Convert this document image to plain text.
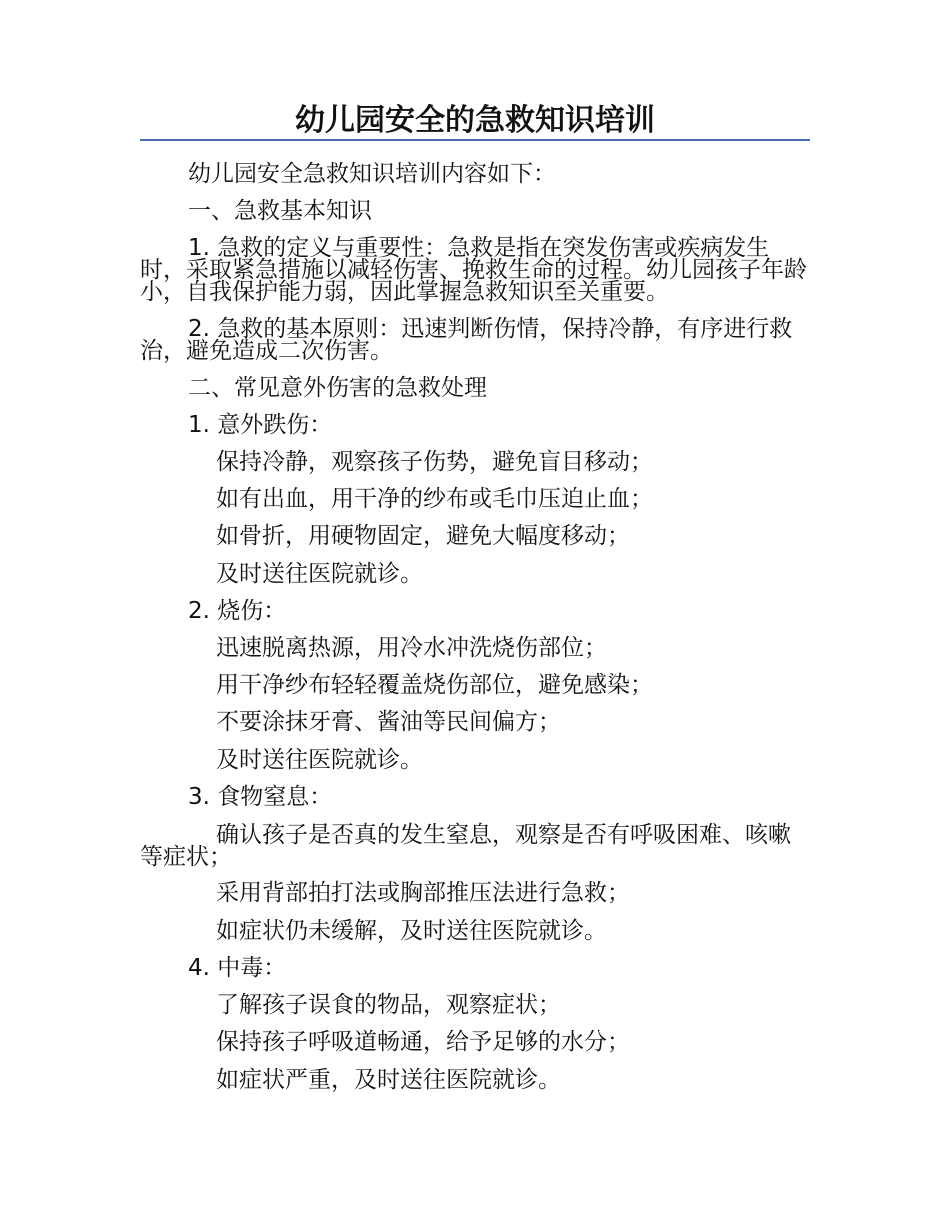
幼儿园安全的急救知识培训
幼儿园安全急救知识培训内容如下：
一、急救基本知识

1. 急救的定义与重要性：急救是指在突发伤害或疾病发生时，采取紧急措施以减轻伤害、挽救生命的过程。幼儿园孩子年龄小，自我保护能力弱，因此掌握急救知识至关重要。

2. 急救的基本原则：迅速判断伤情，保持冷静，有序进行救治，避免造成二次伤害。

二、常见意外伤害的急救处理
1. 意外跌伤：
保持冷静，观察孩子伤势，避免盲目移动；
如有出血，用干净的纱布或毛巾压迫止血；
如骨折，用硬物固定，避免大幅度移动；
及时送往医院就诊。
2. 烧伤：
迅速脱离热源，用冷水冲洗烧伤部位；
用干净纱布轻轻覆盖烧伤部位，避免感染；
不要涂抹牙膏、酱油等民间偏方；
及时送往医院就诊。
3. 食物窒息：

确认孩子是否真的发生窒息，观察是否有呼吸困难、咳嗽等症状；

采用背部拍打法或胸部推压法进行急救；
如症状仍未缓解，及时送往医院就诊。
4. 中毒：
了解孩子误食的物品，观察症状；
保持孩子呼吸道畅通，给予足够的水分；
如症状严重，及时送往医院就诊。
